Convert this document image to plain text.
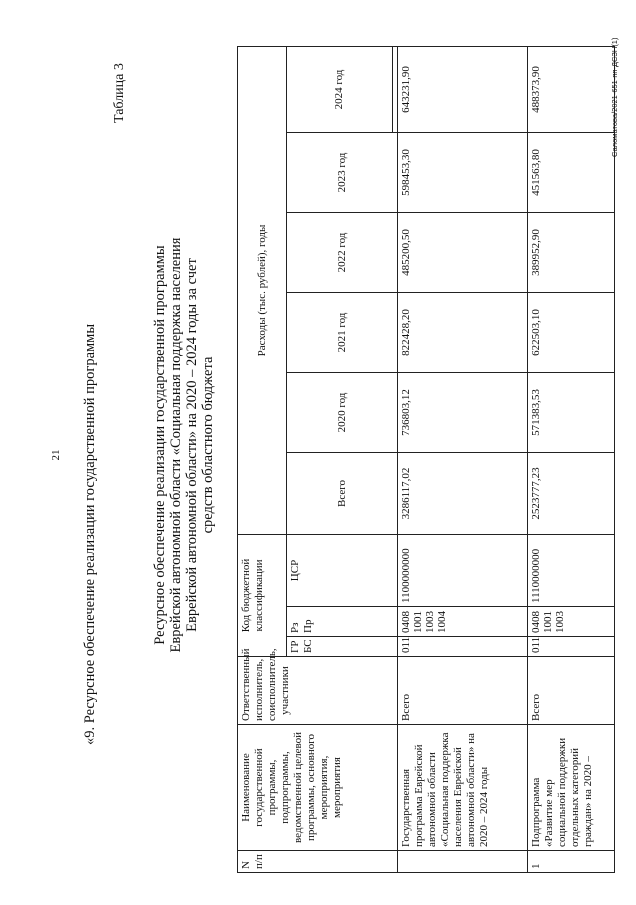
21 «9. Ресурсное обеспечение реализации государственной программы
Таблица 3
Ресурсное обеспечение реализации государственной программы Еврейской автономной области «Социальная поддержка населения Еврейской автономной области» на 2020 – 2024 годы за счет средств областного бюджета
N п/п	Наименование государственной программы, подпрограммы, ведомственной целевой программы, основного мероприятия, мероприятия	Ответственный исполнитель, соисполнитель, участники	Код бюджетной классификации			Расходы (тыс. рублей), годы					
			ГР БС	Рз Пр	ЦСР	Всего	2020 год	2021 год	2022 год	2023 год	2024 год

	Государственная программа Еврейской автономной области «Социальная поддержка населения Еврейской автономной области» на 2020 – 2024 годы	Всего	011	0408 1001 1003 1004	1100000000	3286117,02	736803,12	822428,20	485200,50	598453,30	643231,90
1	Подпрограмма «Развитие мер социальной поддержки отдельных категорий граждан» на 2020 –	Всего	011	0408 1001 1003	1110000000	2523777,23	571383,53	622503,10	389952,90	451563,80	488373,90	Саломатова/2021-651-пп-ДСЗН(1)
